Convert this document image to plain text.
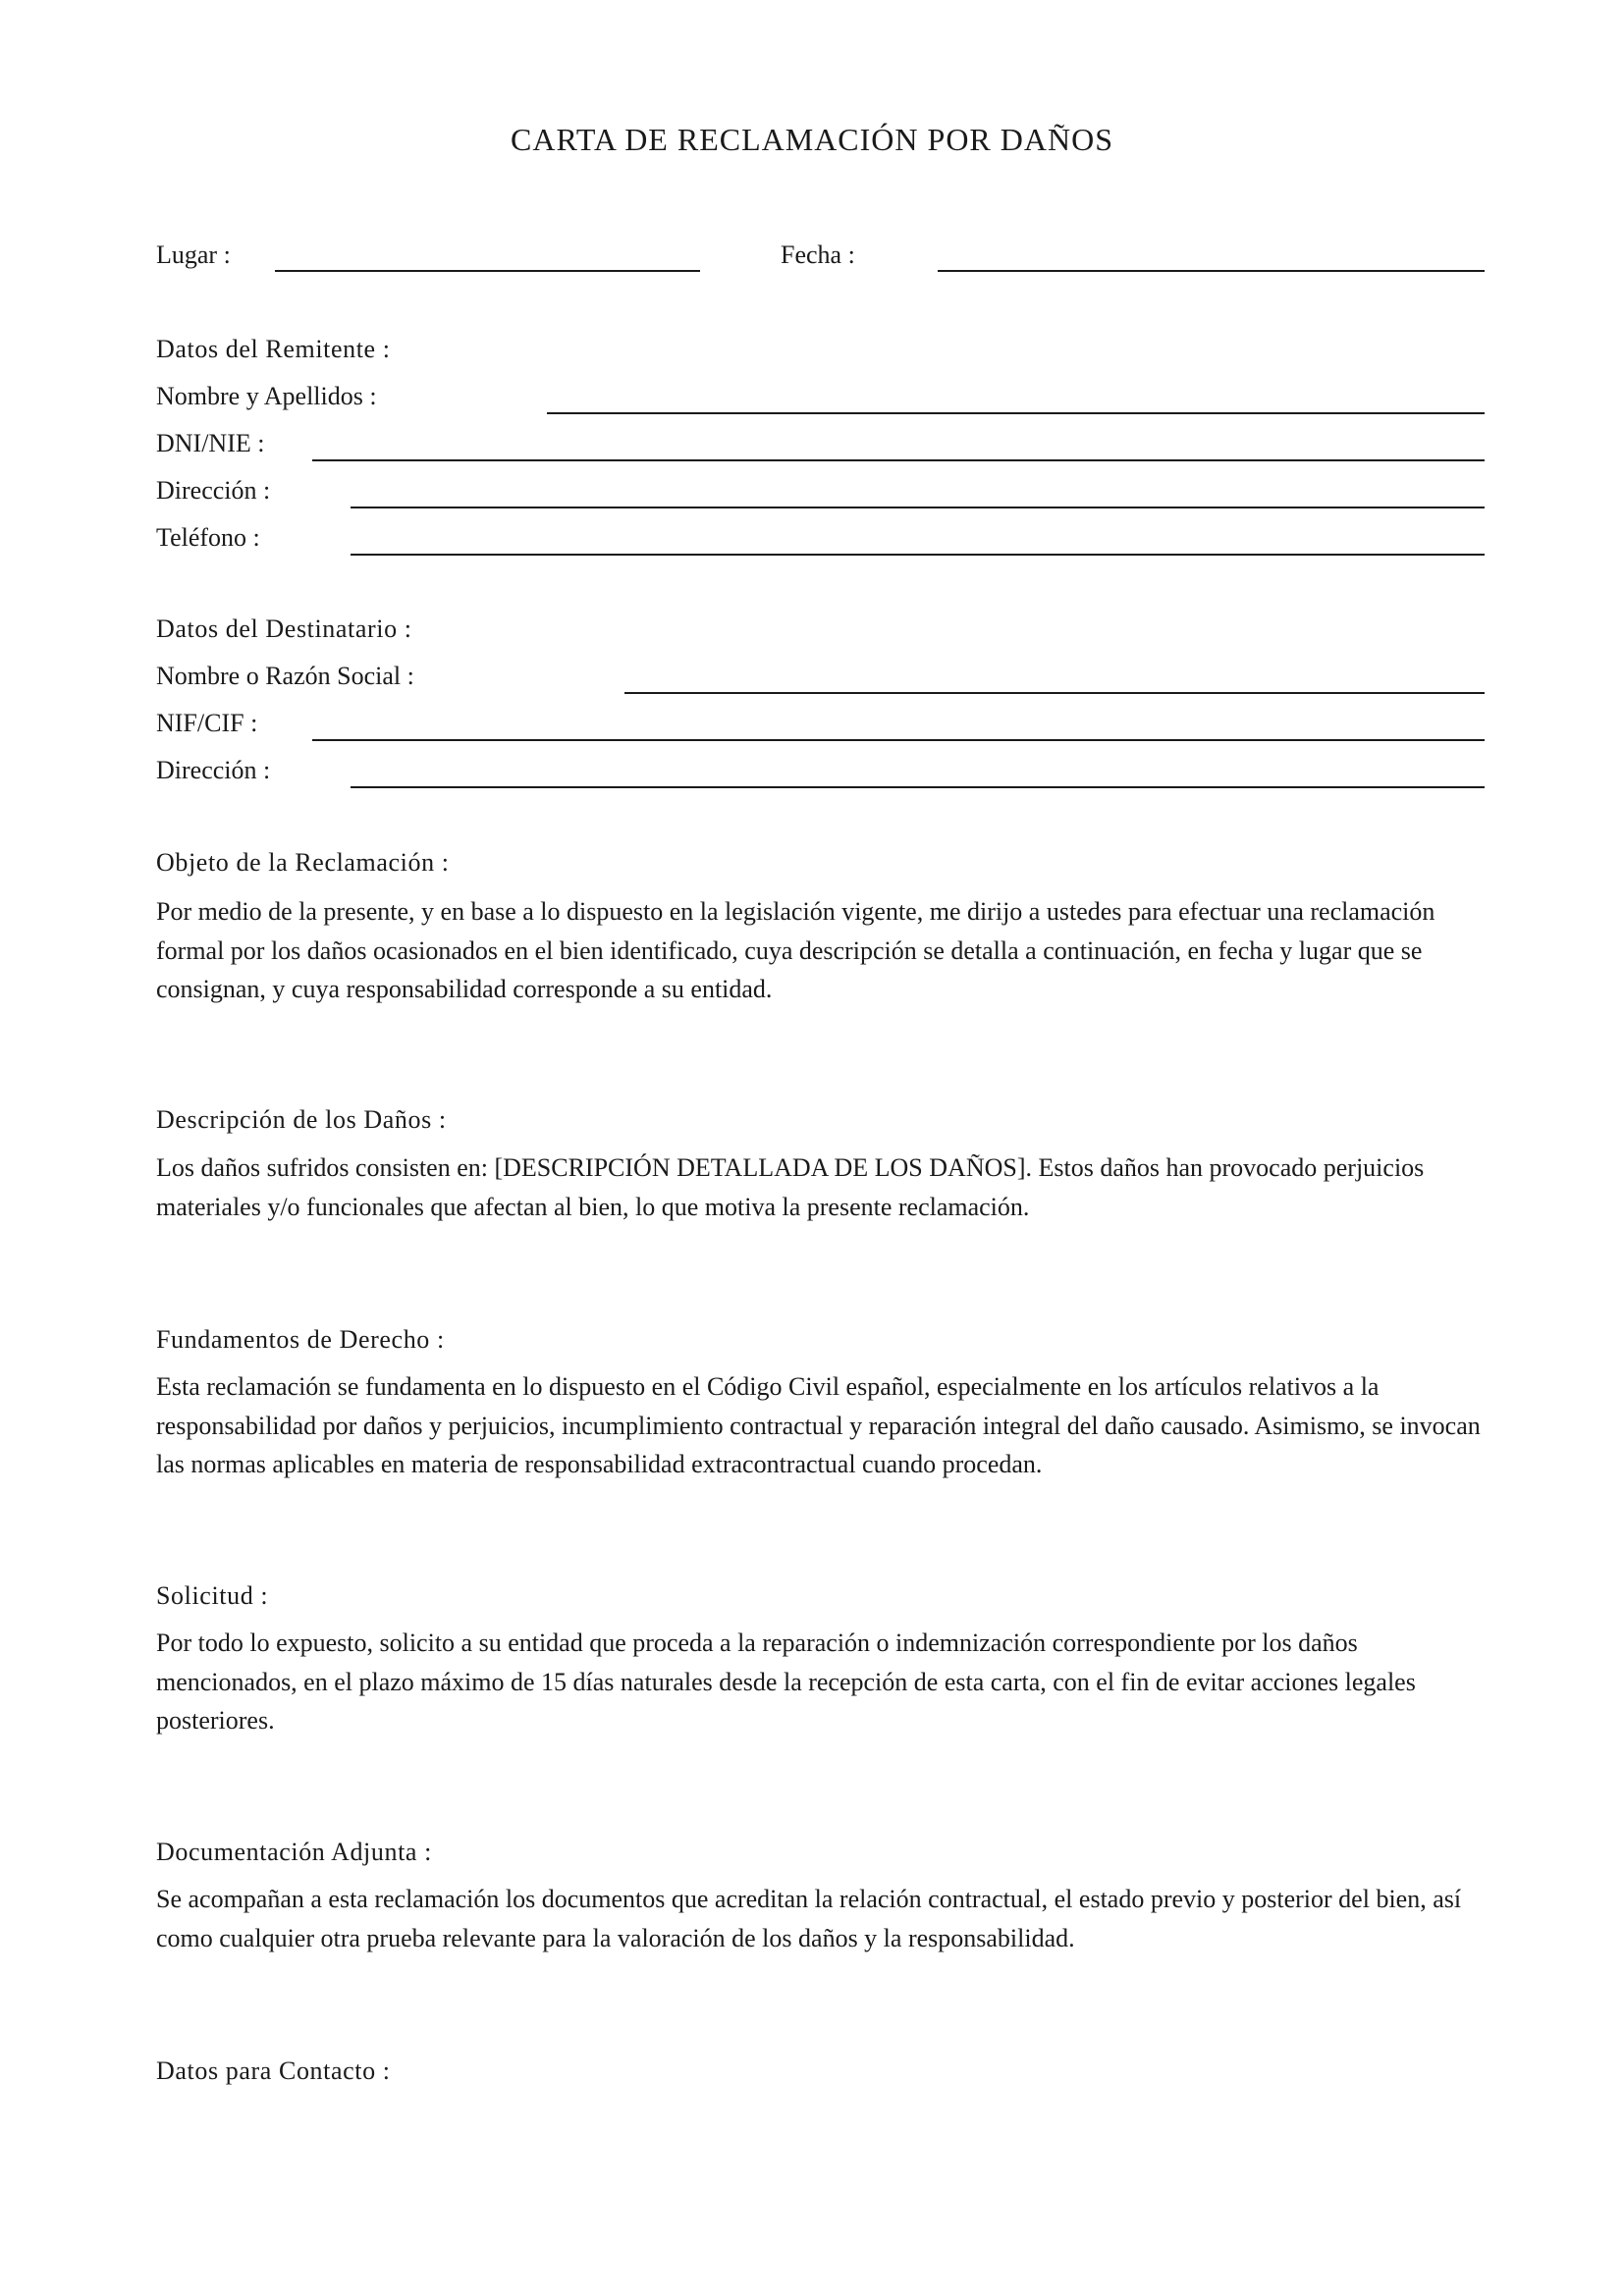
CARTA DE RECLAMACIÓN POR DAÑOS
Lugar :	Fecha :
Datos del Remitente :
Nombre y Apellidos :
DNI/NIE :
Dirección :
Teléfono :
Datos del Destinatario :
Nombre o Razón Social :
NIF/CIF :
Dirección :
Objeto de la Reclamación :
Por medio de la presente, y en base a lo dispuesto en la legislación vigente, me dirijo a ustedes para efectuar una reclamación formal por los daños ocasionados en el bien identificado, cuya descripción se detalla a continuación, en fecha y lugar que se consignan, y cuya responsabilidad corresponde a su entidad.
Descripción de los Daños :
Los daños sufridos consisten en: [DESCRIPCIÓN DETALLADA DE LOS DAÑOS]. Estos daños han provocado perjuicios materiales y/o funcionales que afectan al bien, lo que motiva la presente reclamación.
Fundamentos de Derecho :
Esta reclamación se fundamenta en lo dispuesto en el Código Civil español, especialmente en los artículos relativos a la responsabilidad por daños y perjuicios, incumplimiento contractual y reparación integral del daño causado. Asimismo, se invocan las normas aplicables en materia de responsabilidad extracontractual cuando procedan.
Solicitud :
Por todo lo expuesto, solicito a su entidad que proceda a la reparación o indemnización correspondiente por los daños mencionados, en el plazo máximo de 15 días naturales desde la recepción de esta carta, con el fin de evitar acciones legales posteriores.
Documentación Adjunta :
Se acompañan a esta reclamación los documentos que acreditan la relación contractual, el estado previo y posterior del bien, así como cualquier otra prueba relevante para la valoración de los daños y la responsabilidad.
Datos para Contacto :
